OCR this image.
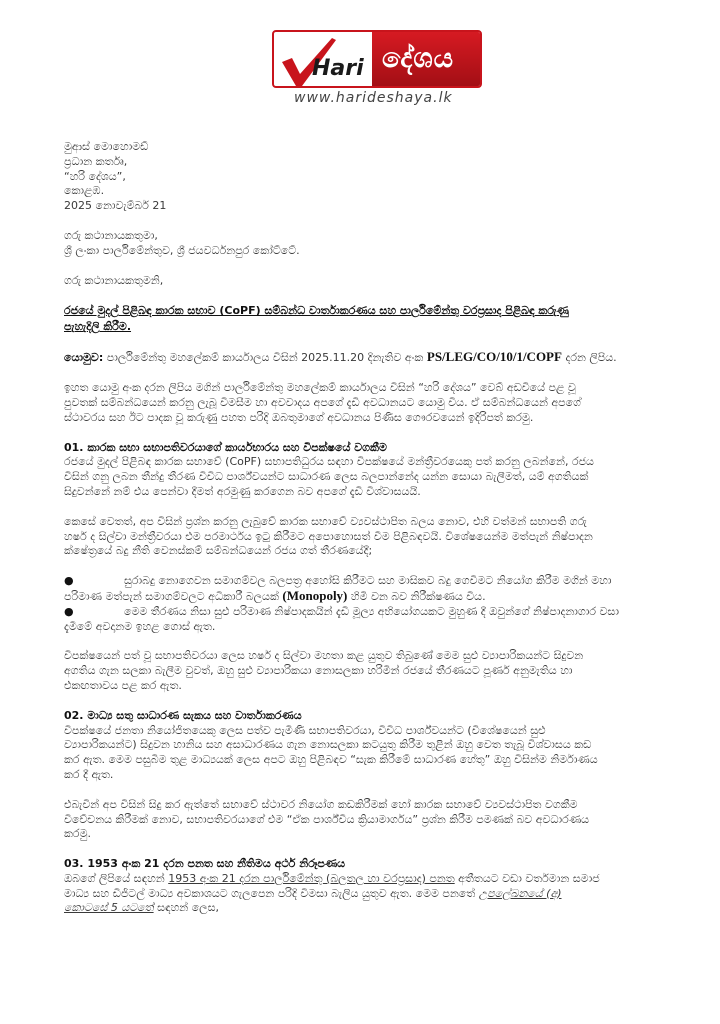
Hari දේශය
www.harideshaya.lk
මුආස් මොහොමඩ්
ප්‍රධාන කර්තෘ,
“හරි දේශය”,
කොළඹ.
2025 නොවැම්බර් 21
ගරු කථානායකතුමා,
ශ්‍රී ලංකා පාර්ලිමේන්තුව, ශ්‍රී ජයවර්ධනපුර කෝට්ටේ.
ගරු කථානායකතුමනි,
රජයේ මුදල් පිළිබඳ කාරක සභාව (CoPF) සම්බන්ධ වාර්තාකරණය සහ පාර්ලිමේන්තු වරප්‍රසාද පිළිබඳ කරුණු
පැහැදිලි කිරීම.
යොමුව: පාර්ලිමේන්තු මහලේකම් කාර්යාලය විසින් 2025.11.20 දිනැතිව අංක PS/LEG/CO/10/1/COPF දරන ලිපිය.
ඉහත යොමු අංක දරන ලිපිය මගින් පාර්ලිමේන්තු මහලේකම් කාර්යාලය විසින් “හරි දේශය” වෙබ් අඩවියේ පළ වූ
පුවතක් සම්බන්ධයෙන් කරනු ලැබූ විමසීම හා අවවාදය අපගේ දැඩි අවධානයට යොමු විය. ඒ සම්බන්ධයෙන් අපගේ
ස්ථාවරය සහ ඊට පාදක වූ කරුණු පහත පරිදි ඔබතුමාගේ අවධානය පිණිස ගෞරවයෙන් ඉදිරිපත් කරමු.
01. කාරක සභා සභාපතිවරයාගේ කාර්යභාරය සහ විපක්ෂයේ වගකීම
රජයේ මුදල් පිළිබඳ කාරක සභාවේ (CoPF) සභාපතිධුරය සඳහා විපක්ෂයේ මන්ත්‍රීවරයෙකු පත් කරනු ලබන්නේ, රජය
විසින් ගනු ලබන තීන්දු තීරණ විවිධ පාර්ශ්වයන්ට සාධාරණ ලෙස බලපාන්නේද යන්න සොයා බැලීමත්, යම් අගතියක්
සිදුවන්නේ නම් එය පෙන්වා දීමත් අරමුණු කරගෙන බව අපගේ දැඩි විශ්වාසයයි.
කෙසේ වෙතත්, අප විසින් ප්‍රශ්න කරනු ලැබුවේ කාරක සභාවේ ව්‍යවස්ථාපිත බලය නොව, එහි වත්මන් සභාපති ගරු
හර්ෂ ද සිල්වා මන්ත්‍රීවරයා එම පරමාර්ථය ඉටු කිරීමට අපොහොසත් වීම පිළිබඳවයි. විශේෂයෙන්ම මත්පැන් නිෂ්පාදන
ක්ෂේත්‍රයේ බදු නීති වෙනස්කම් සම්බන්ධයෙන් රජය ගත් තීරණයේදී;
●	සුරාබදු නොගෙවන සමාගම්වල බලපත්‍ර අහෝසි කිරීමට සහ මාසිකව බදු ගෙවීමට නියෝග කිරීම මගින් මහා
පරිමාණ මත්පැන් සමාගම්වලට අධිකාරී බලයක් (Monopoly) හිමි වන බව නිරීක්ෂණය විය.
●	මෙම තීරණය නිසා සුළු පරිමාණ නිෂ්පාදකයින් දැඩි මූල්‍ය අභියෝගයකට මුහුණ දී ඔවුන්ගේ නිෂ්පාදනාගාර වසා
දැමීමේ අවදානම ඉහළ ගොස් ඇත.
විපක්ෂයෙන් පත් වූ සභාපතිවරයා ලෙස හර්ෂ ද සිල්වා මහතා කළ යුතුව තිබුණේ මෙම සුළු ව්‍යාපාරිකයන්ට සිදුවන
අගතිය ගැන සලකා බැලීම වුවත්, ඔහු සුළු ව්‍යාපාරිකයා නොසලකා හරිමින් රජයේ තීරණයට පූර්ණ අනුමැතිය හා
එකඟතාවය පළ කර ඇත.
02. මාධ්‍ය සතු සාධාරණ සැකය සහ වාර්තාකරණය
විපක්ෂයේ ජනතා නියෝජිතයෙකු ලෙස පත්ව පැමිණි සභාපතිවරයා, විවිධ පාර්ශ්වයන්ට (විශේෂයෙන් සුළු
ව්‍යාපාරිකයන්ට) සිදුවන හානිය සහ අසාධාරණය ගැන නොසලකා කටයුතු කිරීම තුළින් ඔහු වෙත තැබූ විශ්වාසය කඩ
කර ඇත. මෙම පසුබිම තුළ මාධ්‍යයක් ලෙස අපට ඔහු පිළිබඳව “සැක කිරීමේ සාධාරණ හේතු” ඔහු විසින්ම නිර්මාණය
කර දී ඇත.
එබැවින් අප විසින් සිදු කර ඇත්තේ සභාවේ ස්ථාවර නියෝග කඩකිරීමක් හෝ කාරක සභාවේ ව්‍යවස්ථාපිත වගකීම
විවේචනය කිරීමක් නොව, සභාපතිවරයාගේ එම “ඒක පාර්ශ්වීය ක්‍රියාමාර්ගය” ප්‍රශ්න කිරීම පමණක් බව අවධාරණය
කරමු.
03. 1953 අංක 21 දරන පනත සහ නීතිමය අර්ථ නිරූපණය
ඔබගේ ලිපියේ සඳහන් 1953 අංක 21 දරන පාර්ලිමේන්තු (බලතල හා වරප්‍රසාද) පනත අතීතයට වඩා වර්තමාන සමාජ
මාධ්‍ය සහ ඩිජිටල් මාධ්‍ය අවකාශයට ගැලපෙන පරිදි විමසා බැලිය යුතුව ඇත. මෙම පනතේ උපලේඛනයේ (අ)
කොටසේ 5 යටතේ සඳහන් ලෙස,
